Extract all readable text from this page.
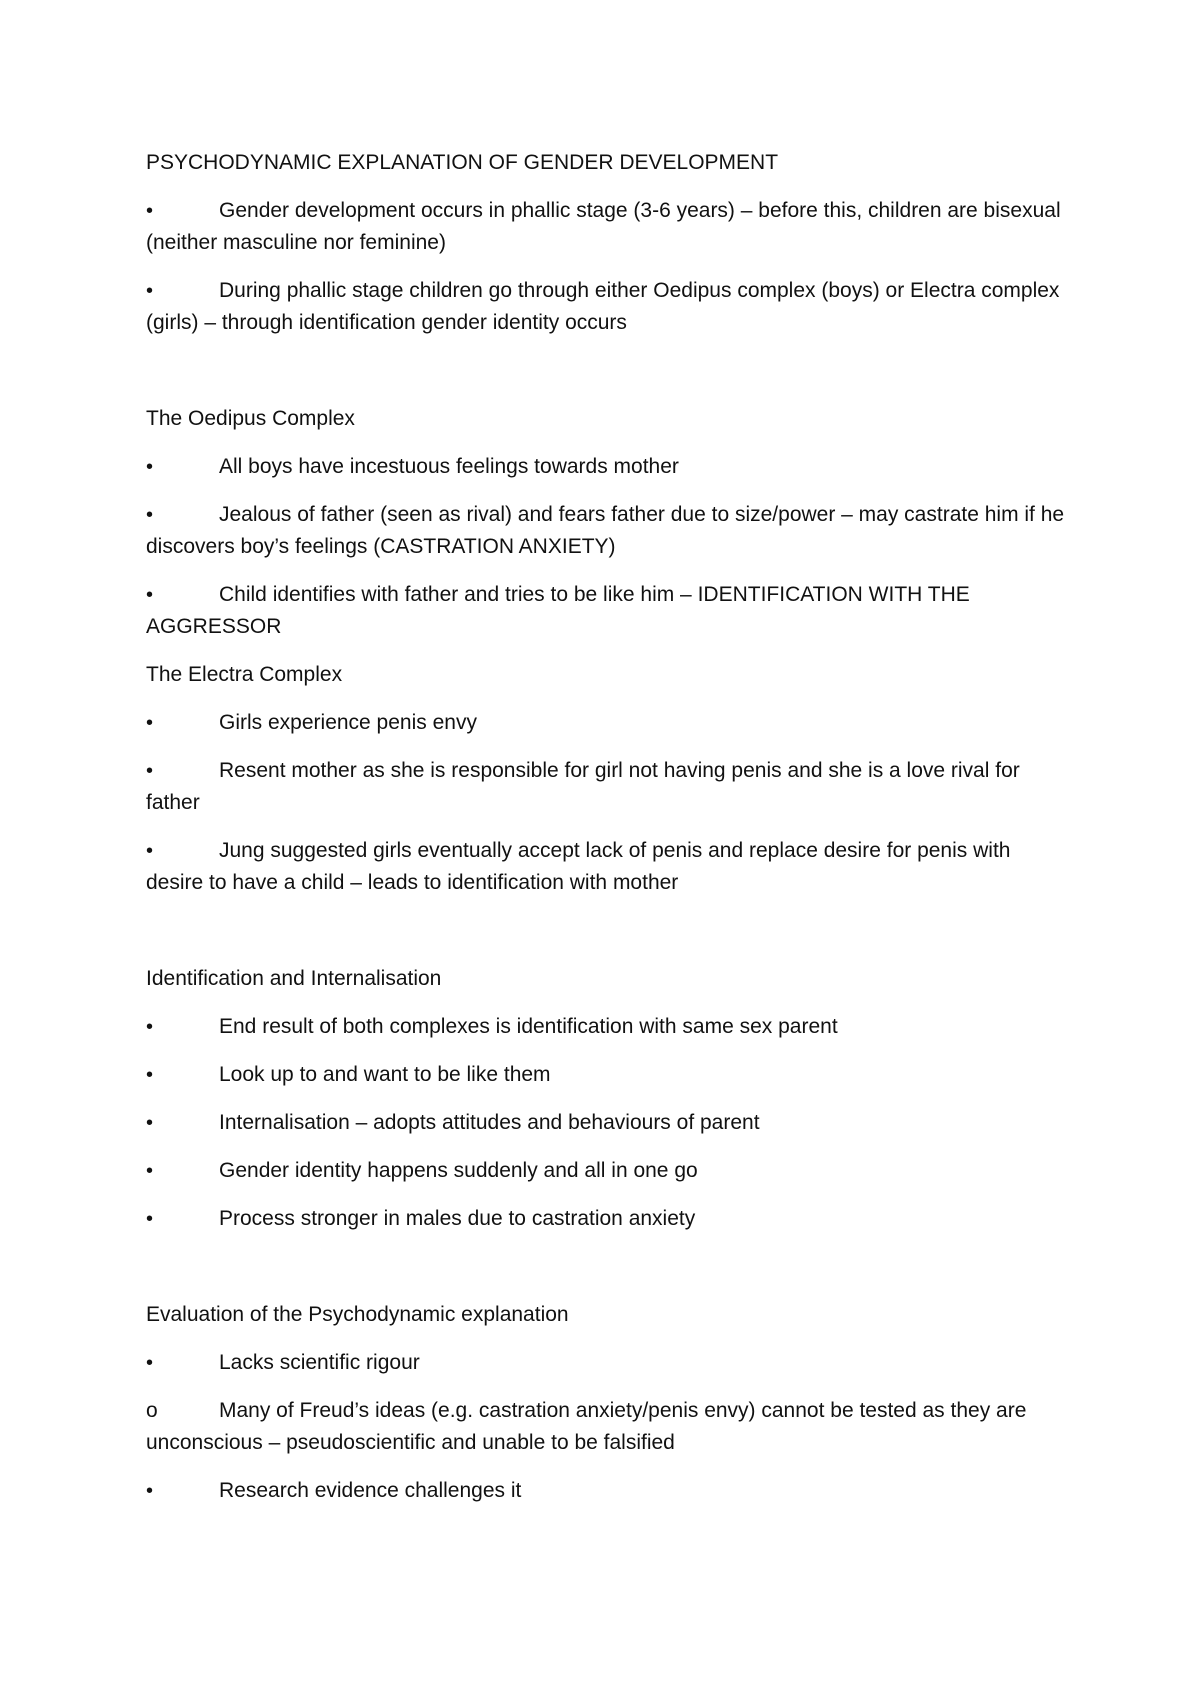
PSYCHODYNAMIC EXPLANATION OF GENDER DEVELOPMENT

•	Gender development occurs in phallic stage (3-6 years) – before this, children are bisexual (neither masculine nor feminine)

•	During phallic stage children go through either Oedipus complex (boys) or Electra complex (girls) – through identification gender identity occurs

The Oedipus Complex

•	All boys have incestuous feelings towards mother

•	Jealous of father (seen as rival) and fears father due to size/power – may castrate him if he discovers boy’s feelings (CASTRATION ANXIETY)

•	Child identifies with father and tries to be like him – IDENTIFICATION WITH THE AGGRESSOR

The Electra Complex

•	Girls experience penis envy

•	Resent mother as she is responsible for girl not having penis and she is a love rival for father

•	Jung suggested girls eventually accept lack of penis and replace desire for penis with desire to have a child – leads to identification with mother

Identification and Internalisation

•	End result of both complexes is identification with same sex parent

•	Look up to and want to be like them

•	Internalisation – adopts attitudes and behaviours of parent

•	Gender identity happens suddenly and all in one go

•	Process stronger in males due to castration anxiety

Evaluation of the Psychodynamic explanation

•	Lacks scientific rigour

o	Many of Freud’s ideas (e.g. castration anxiety/penis envy) cannot be tested as they are unconscious – pseudoscientific and unable to be falsified

•	Research evidence challenges it
